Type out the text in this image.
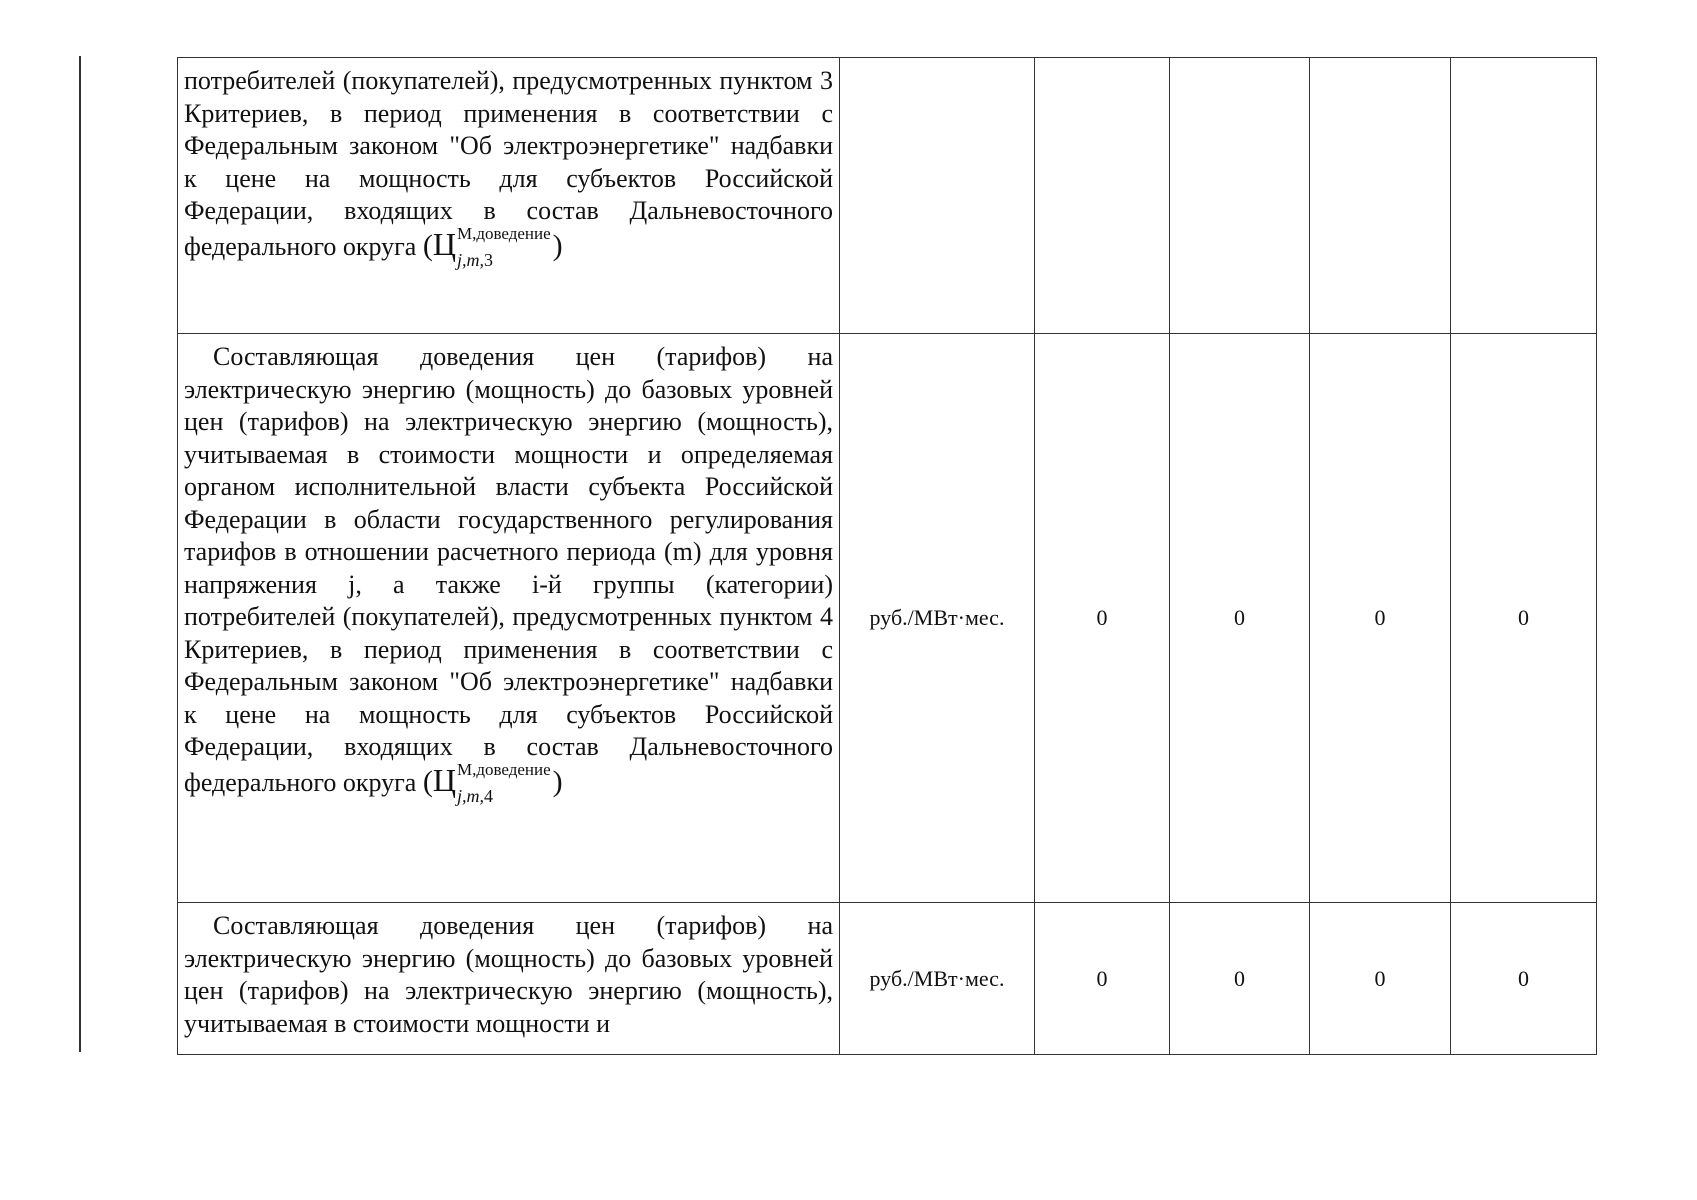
потребителей (покупателей), предусмотренных пунктом 3 Критериев, в период применения в соответствии с Федеральным законом "Об электроэнергетике" надбавки к цене на мощность для субъектов Российской Федерации, входящих в состав Дальневосточного федерального округа (Ц М,доведение
j,m,3 )					

Составляющая доведения цен (тарифов) на электрическую энергию (мощность) до базовых уровней цен (тарифов) на электрическую энергию (мощность), учитываемая в стоимости мощности и определяемая органом исполнительной власти субъекта Российской Федерации в области государственного регулирования тарифов в отношении расчетного периода (m) для уровня напряжения j, а также i-й группы (категории) потребителей (покупателей), предусмотренных пунктом 4 Критериев, в период применения в соответствии с Федеральным законом "Об электроэнергетике" надбавки к цене на мощность для субъектов Российской Федерации, входящих в состав Дальневосточного федерального округа (Ц М,доведение
j,m,4 )	руб./МВт·мес.	0	0	0	0

Составляющая доведения цен (тарифов) на электрическую энергию (мощность) до базовых уровней цен (тарифов) на электрическую энергию (мощность), учитываемая в стоимости мощности и	руб./МВт·мес.	0	0	0	0
